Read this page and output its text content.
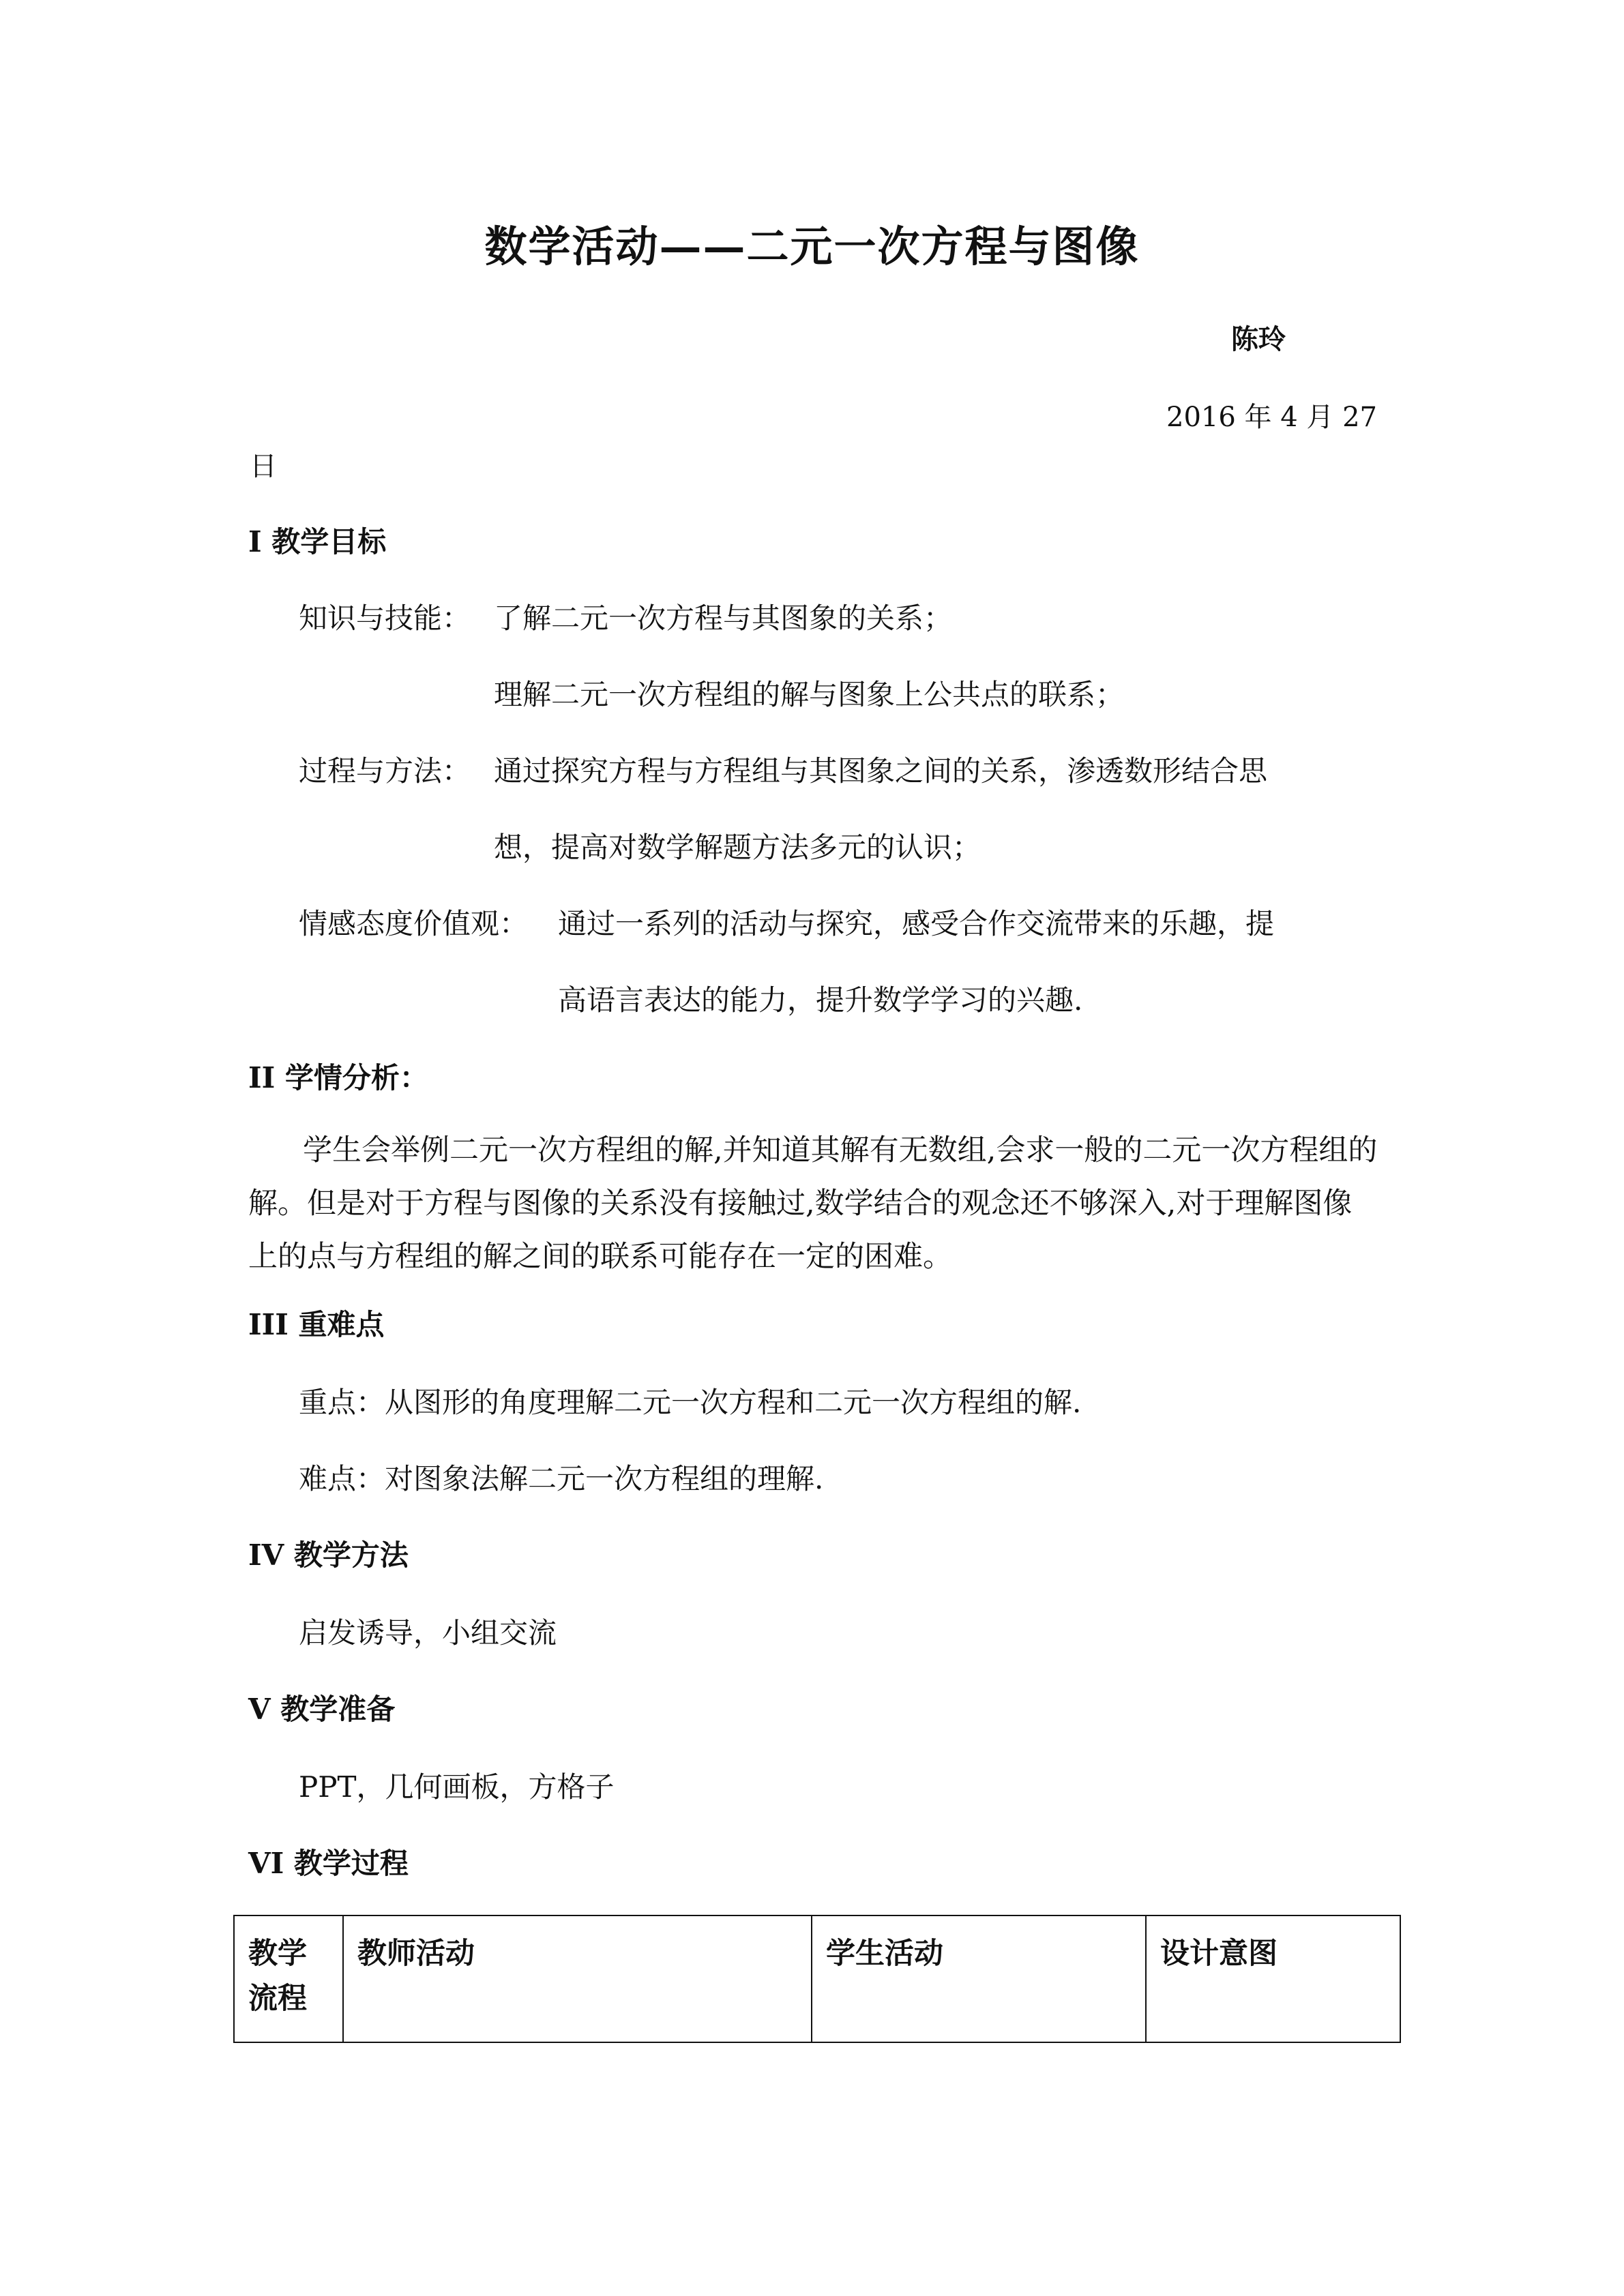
数学活动——二元一次方程与图像
陈玲
2016 年 4 月 27
日
I 教学目标
知识与技能： 了解二元一次方程与其图象的关系；
理解二元一次方程组的解与图象上公共点的联系；
过程与方法： 通过探究方程与方程组与其图象之间的关系，渗透数形结合思
想，提高对数学解题方法多元的认识；
情感态度价值观： 通过一系列的活动与探究，感受合作交流带来的乐趣，提
高语言表达的能力，提升数学学习的兴趣.
II 学情分析：

学生会举例二元一次方程组的解,并知道其解有无数组,会求一般的二元一次方程组的解。但是对于方程与图像的关系没有接触过,数学结合的观念还不够深入,对于理解图像上的点与方程组的解之间的联系可能存在一定的困难。

III 重难点
重点：从图形的角度理解二元一次方程和二元一次方程组的解.
难点：对图象法解二元一次方程组的理解.
IV 教学方法
启发诱导，小组交流
V 教学准备
PPT，几何画板，方格子
VI 教学过程
教学流程	教师活动	学生活动	设计意图
